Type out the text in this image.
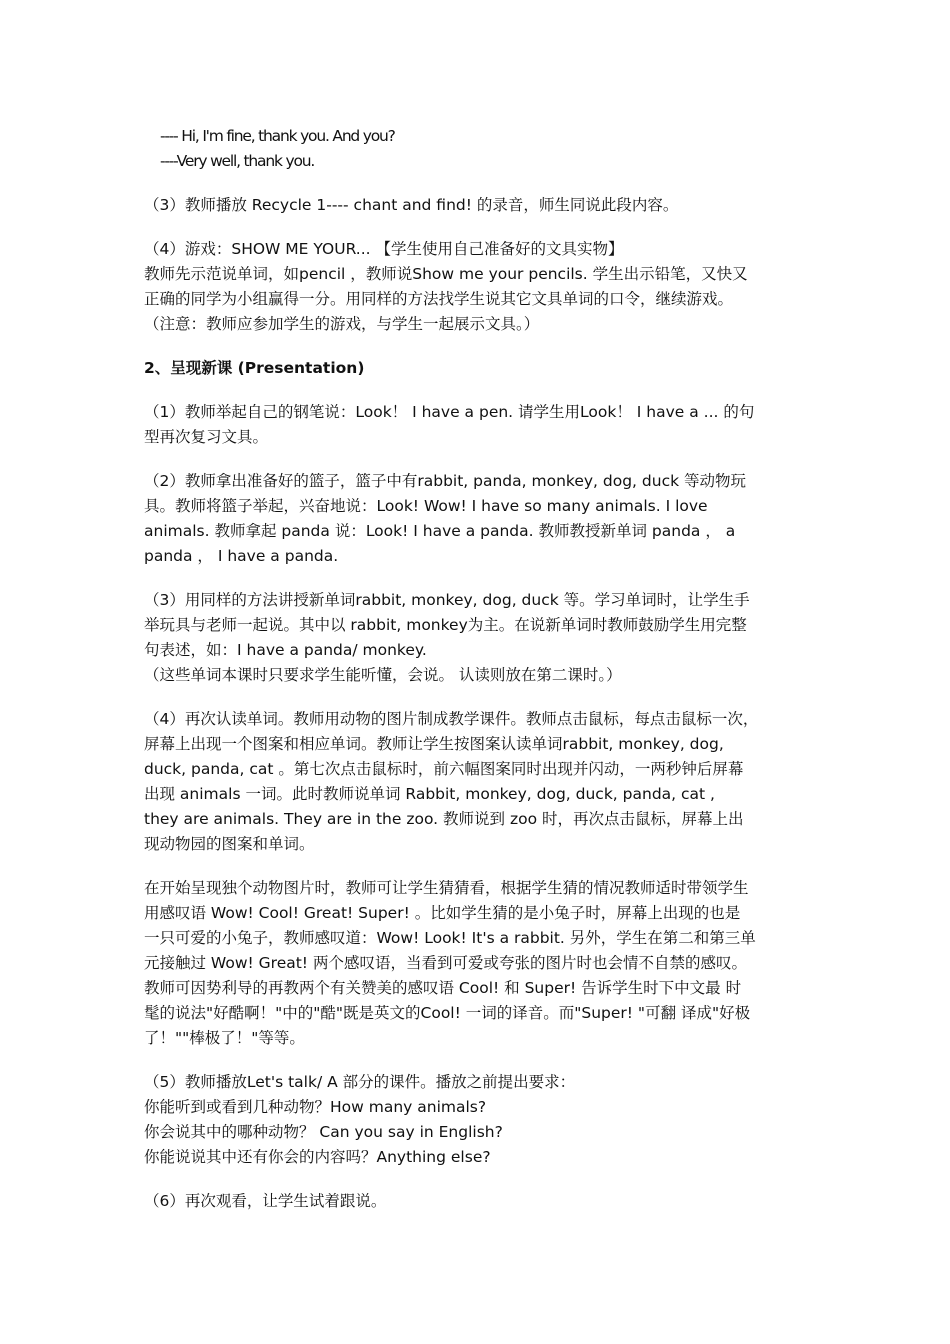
---- Hi, I'm fine, thank you. And you?
----Very well, thank you.
（3）教师播放 Recycle 1---- chant and find! 的录音，师生同说此段内容。
（4）游戏：SHOW ME YOUR... 【学生使用自己准备好的文具实物】
教师先示范说单词，如pencil ，教师说Show me your pencils. 学生出示铅笔，又快又
正确的同学为小组赢得一分。用同样的方法找学生说其它文具单词的口令，继续游戏。
（注意：教师应参加学生的游戏，与学生一起展示文具。）
2、呈现新课 (Presentation)
（1）教师举起自己的钢笔说：Look！ I have a pen. 请学生用Look！ I have a ... 的句
型再次复习文具。
（2）教师拿出准备好的篮子，篮子中有rabbit, panda, monkey, dog, duck 等动物玩
具。教师将篮子举起，兴奋地说：Look! Wow! I have so many animals. I love
animals. 教师拿起 panda 说：Look! I have a panda. 教师教授新单词 panda ， a
panda ， I have a panda.
（3）用同样的方法讲授新单词rabbit, monkey, dog, duck 等。学习单词时，让学生手
举玩具与老师一起说。其中以 rabbit, monkey为主。在说新单词时教师鼓励学生用完整
句表述，如：I have a panda/ monkey.
（这些单词本课时只要求学生能听懂，会说。 认读则放在第二课时。）
（4）再次认读单词。教师用动物的图片制成教学课件。教师点击鼠标，每点击鼠标一次，
屏幕上出现一个图案和相应单词。教师让学生按图案认读单词rabbit, monkey, dog,
duck, panda, cat 。第七次点击鼠标时，前六幅图案同时出现并闪动，一两秒钟后屏幕
出现 animals 一词。此时教师说单词 Rabbit, monkey, dog, duck, panda, cat ,
they are animals. They are in the zoo. 教师说到 zoo 时，再次点击鼠标，屏幕上出
现动物园的图案和单词。
在开始呈现独个动物图片时，教师可让学生猜猜看，根据学生猜的情况教师适时带领学生
用感叹语 Wow! Cool! Great! Super! 。比如学生猜的是小兔子时，屏幕上出现的也是
一只可爱的小兔子，教师感叹道：Wow! Look! It's a rabbit. 另外，学生在第二和第三单
元接触过 Wow! Great! 两个感叹语，当看到可爱或夸张的图片时也会情不自禁的感叹。
教师可因势利导的再教两个有关赞美的感叹语 Cool! 和 Super! 告诉学生时下中文最 时
髦的说法"好酷啊！"中的"酷"既是英文的Cool! 一词的译音。而"Super! "可翻 译成"好极
了！""棒极了！"等等。
（5）教师播放Let's talk/ A 部分的课件。播放之前提出要求：
你能听到或看到几种动物？How many animals?
你会说其中的哪种动物？ Can you say in English?
你能说说其中还有你会的内容吗？Anything else?
（6）再次观看，让学生试着跟说。
